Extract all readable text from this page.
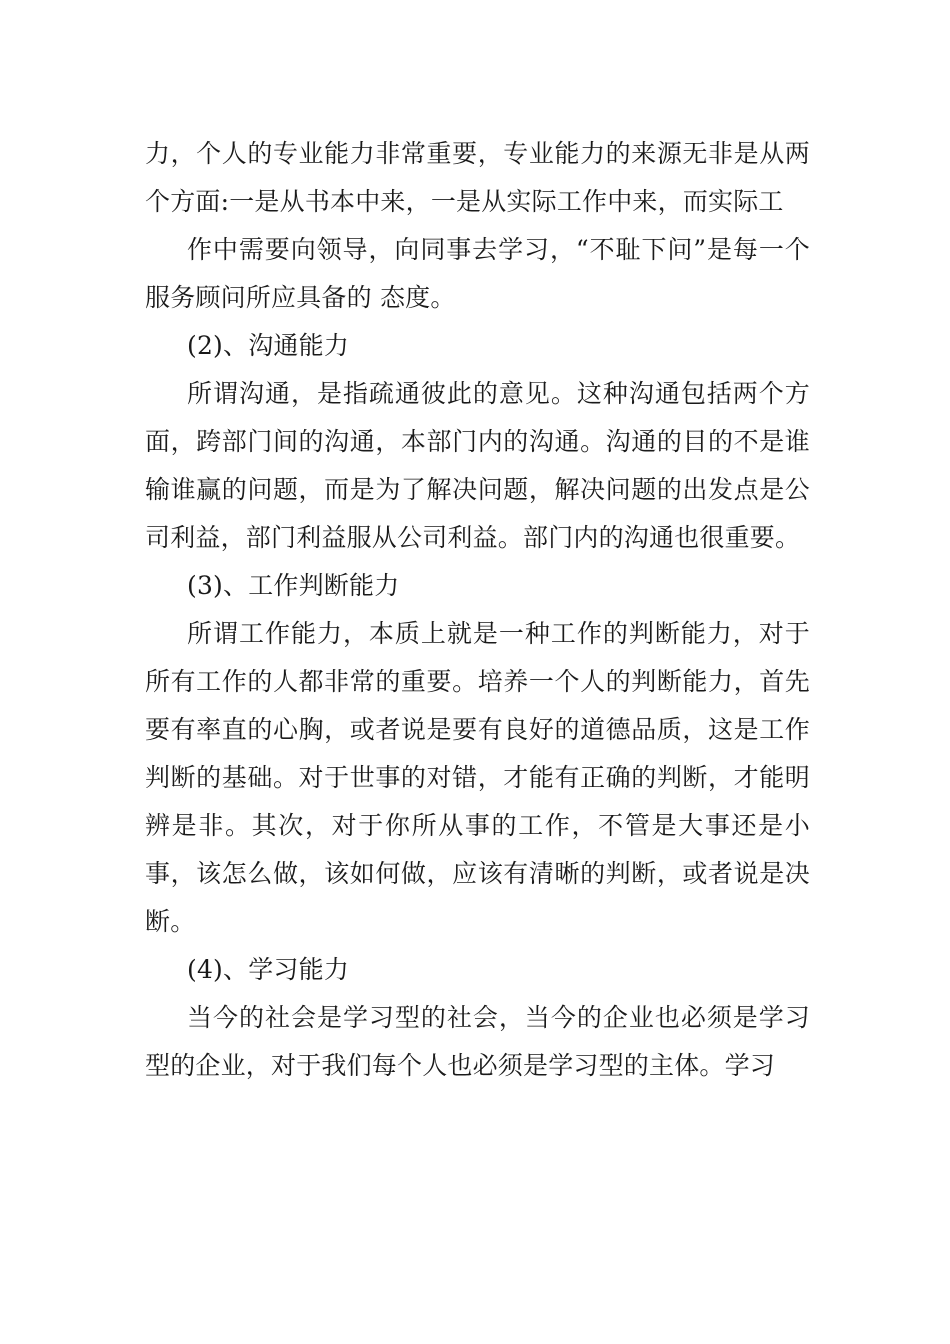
力，个人的专业能力非常重要，专业能力的来源无非是从两个方面:一是从书本中来，一是从实际工作中来，而实际工

作中需要向领导，向同事去学习，“不耻下问”是每一个服务顾问所应具备的 态度。

(2)、沟通能力

所谓沟通，是指疏通彼此的意见。这种沟通包括两个方面，跨部门间的沟通，本部门内的沟通。沟通的目的不是谁输谁赢的问题，而是为了解决问题，解决问题的出发点是公司利益，部门利益服从公司利益。部门内的沟通也很重要。

(3)、工作判断能力

所谓工作能力，本质上就是一种工作的判断能力，对于所有工作的人都非常的重要。培养一个人的判断能力，首先要有率直的心胸，或者说是要有良好的道德品质，这是工作判断的基础。对于世事的对错，才能有正确的判断，才能明辨是非。其次，对于你所从事的工作，不管是大事还是小事，该怎么做，该如何做，应该有清晰的判断，或者说是决断。

(4)、学习能力

当今的社会是学习型的社会，当今的企业也必须是学习型的企业，对于我们每个人也必须是学习型的主体。学习
